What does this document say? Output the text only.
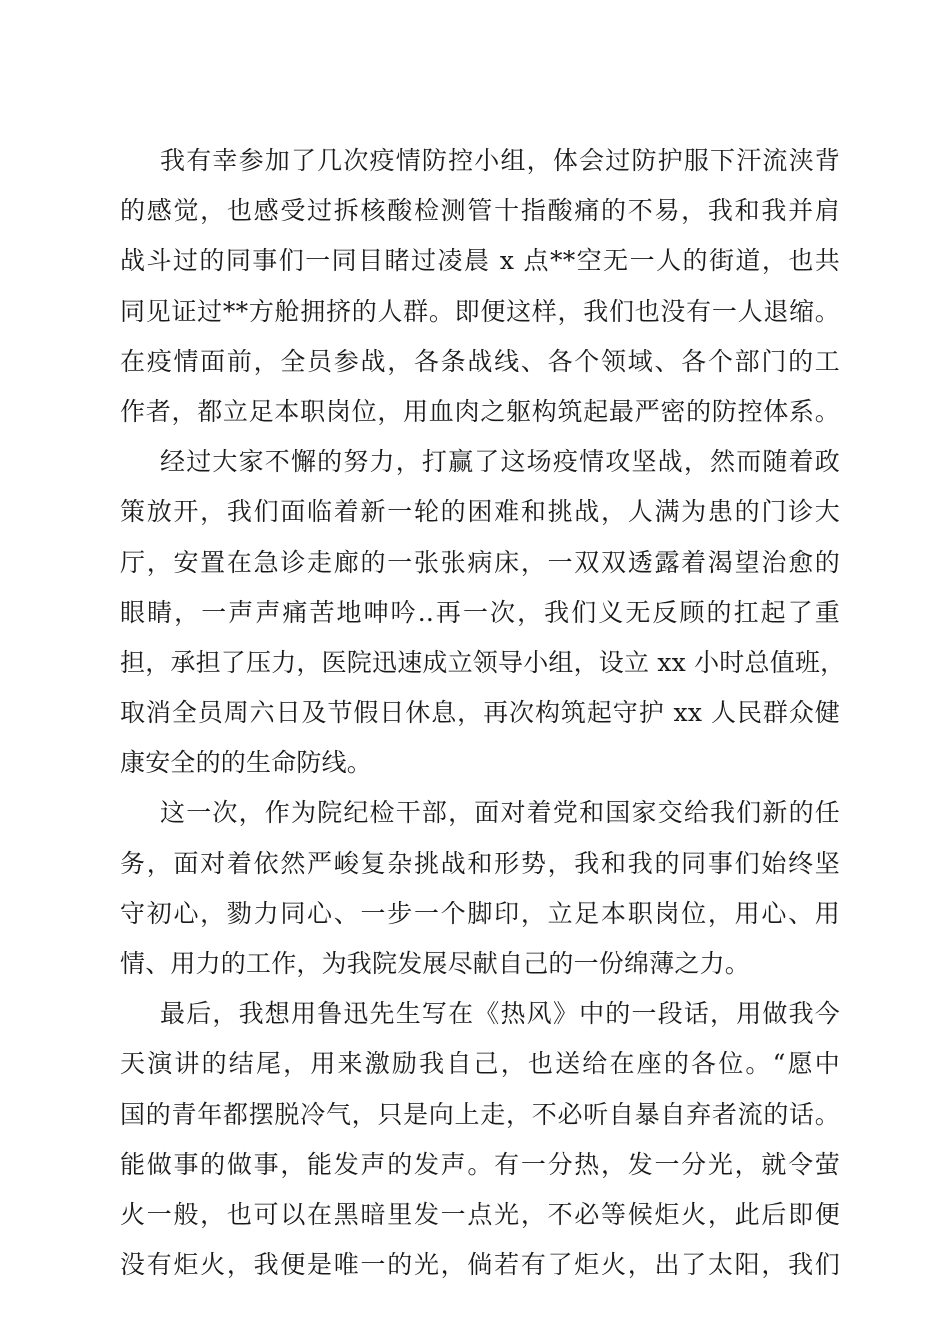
我有幸参加了几次疫情防控小组，体会过防护服下汗流浃背
的感觉，也感受过拆核酸检测管十指酸痛的不易，我和我并肩
战斗过的同事们一同目睹过凌晨 x 点**空无一人的街道，也共
同见证过**方舱拥挤的人群。即便这样，我们也没有一人退缩。
在疫情面前，全员参战，各条战线、各个领域、各个部门的工
作者，都立足本职岗位，用血肉之躯构筑起最严密的防控体系。
经过大家不懈的努力，打赢了这场疫情攻坚战，然而随着政
策放开，我们面临着新一轮的困难和挑战，人满为患的门诊大
厅，安置在急诊走廊的一张张病床，一双双透露着渴望治愈的
眼睛，一声声痛苦地呻吟..再一次，我们义无反顾的扛起了重
担，承担了压力，医院迅速成立领导小组，设立 xx 小时总值班，
取消全员周六日及节假日休息，再次构筑起守护 xx 人民群众健
康安全的的生命防线。
这一次，作为院纪检干部，面对着党和国家交给我们新的任
务，面对着依然严峻复杂挑战和形势，我和我的同事们始终坚
守初心，勠力同心、一步一个脚印，立足本职岗位，用心、用
情、用力的工作，为我院发展尽献自己的一份绵薄之力。
最后，我想用鲁迅先生写在《热风》中的一段话，用做我今
天演讲的结尾，用来激励我自己，也送给在座的各位。“愿中
国的青年都摆脱冷气，只是向上走，不必听自暴自弃者流的话。
能做事的做事，能发声的发声。有一分热，发一分光，就令萤
火一般，也可以在黑暗里发一点光，不必等候炬火，此后即便
没有炬火，我便是唯一的光，倘若有了炬火，出了太阳，我们
